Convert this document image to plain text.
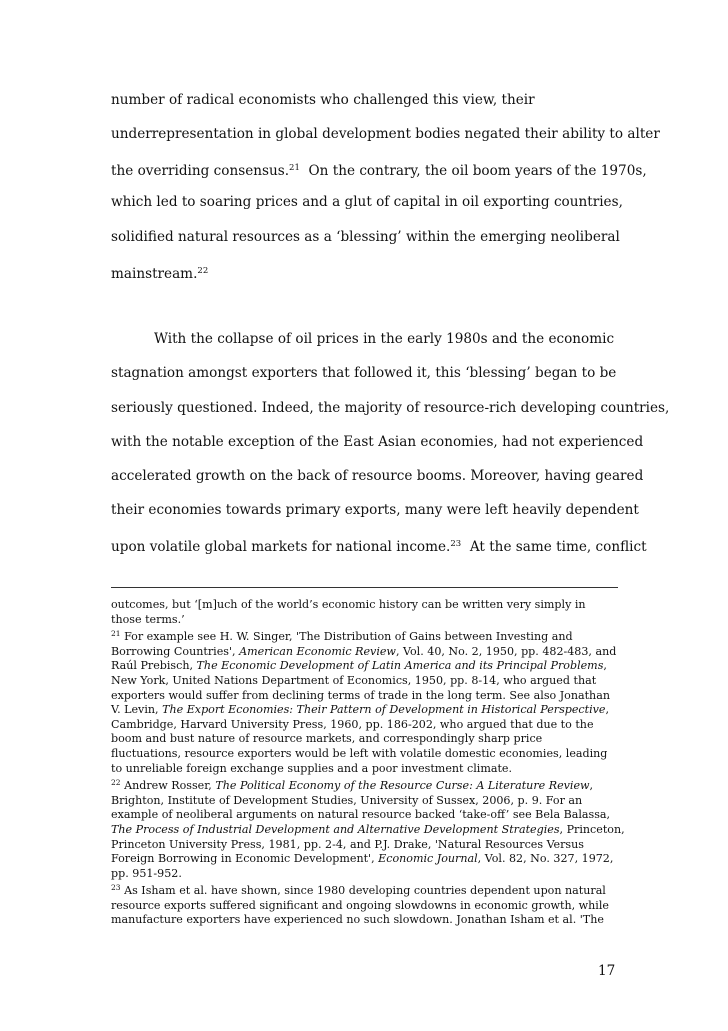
number of radical economists who challenged this view, their
underrepresentation in global development bodies negated their ability to alter
the overriding consensus.$^{21}$ On the contrary, the oil boom years of the 1970s,
which led to soaring prices and a glut of capital in oil exporting countries,
solidified natural resources as a ‘blessing’ within the emerging neoliberal
mainstream.$^{22}$
With the collapse of oil prices in the early 1980s and the economic
stagnation amongst exporters that followed it, this ‘blessing’ began to be
seriously questioned. Indeed, the majority of resource-rich developing countries,
with the notable exception of the East Asian economies, had not experienced
accelerated growth on the back of resource booms. Moreover, having geared
their economies towards primary exports, many were left heavily dependent
upon volatile global markets for national income.$^{23}$ At the same time, conflict

outcomes, but ‘[m]uch of the world’s economic history can be written very simply in

those terms.’

$^{21}$ For example see H. W. Singer, 'The Distribution of Gains between Investing and

Borrowing Countries', American Economic Review, Vol. 40, No. 2, 1950, pp. 482-483, and

Raúl Prebisch, The Economic Development of Latin America and its Principal Problems,

New York, United Nations Department of Economics, 1950, pp. 8-14, who argued that

exporters would suffer from declining terms of trade in the long term. See also Jonathan

V. Levin, The Export Economies: Their Pattern of Development in Historical Perspective,

Cambridge, Harvard University Press, 1960, pp. 186-202, who argued that due to the

boom and bust nature of resource markets, and correspondingly sharp price

fluctuations, resource exporters would be left with volatile domestic economies, leading

to unreliable foreign exchange supplies and a poor investment climate.

$^{22}$ Andrew Rosser, The Political Economy of the Resource Curse: A Literature Review,

Brighton, Institute of Development Studies, University of Sussex, 2006, p. 9. For an

example of neoliberal arguments on natural resource backed ‘take-off’ see Bela Balassa,

The Process of Industrial Development and Alternative Development Strategies, Princeton,

Princeton University Press, 1981, pp. 2-4, and P.J. Drake, 'Natural Resources Versus

Foreign Borrowing in Economic Development', Economic Journal, Vol. 82, No. 327, 1972,

pp. 951-952.

$^{23}$ As Isham et al. have shown, since 1980 developing countries dependent upon natural

resource exports suffered significant and ongoing slowdowns in economic growth, while

manufacture exporters have experienced no such slowdown. Jonathan Isham et al. 'The

17
